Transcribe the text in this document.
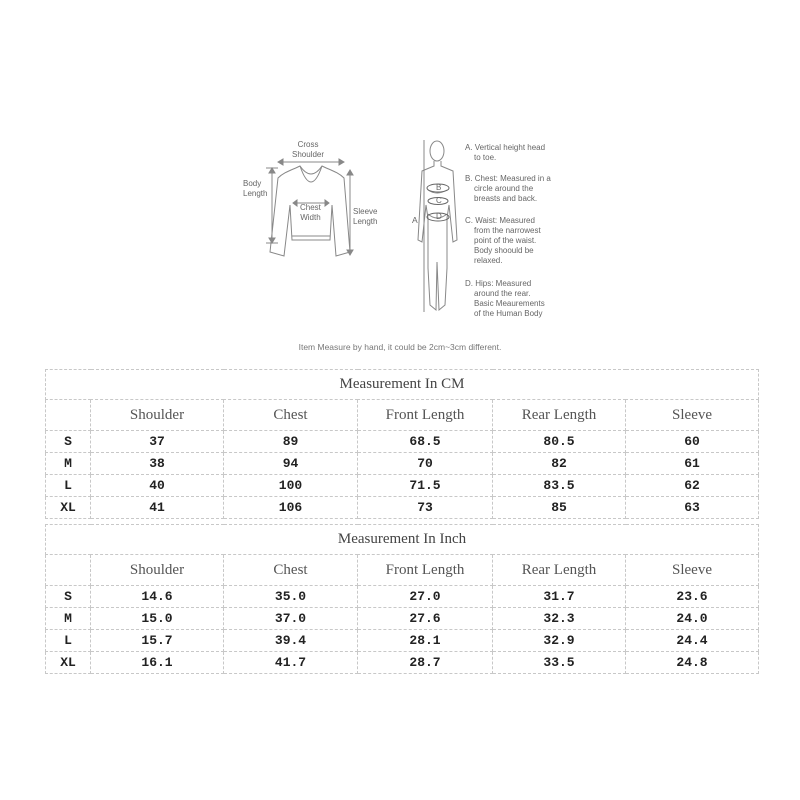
Cross
Shoulder
Body
Length
Chest
Width
Sleeve
Length	A
B
C
D
A. Vertical height head
to toe.
B. Chest: Measured in a
circle around the
breasts and back.
C. Waist: Measured
from the narrowest
point of the waist.
Body shoould be
relaxed.
D. Hips: Measured
around the rear.
Basic Meaurements
of the Human Body
Item Measure by hand, it could be 2cm~3cm different.
Measurement In CM					
	Shoulder	Chest	Front Length	Rear Length	Sleeve
S	37	89	68.5	80.5	60
M	38	94	70	82	61
L	40	100	71.5	83.5	62
XL	41	106	73	85	63
Measurement In Inch					
	Shoulder	Chest	Front Length	Rear Length	Sleeve
S	14.6	35.0	27.0	31.7	23.6
M	15.0	37.0	27.6	32.3	24.0
L	15.7	39.4	28.1	32.9	24.4
XL	16.1	41.7	28.7	33.5	24.8
